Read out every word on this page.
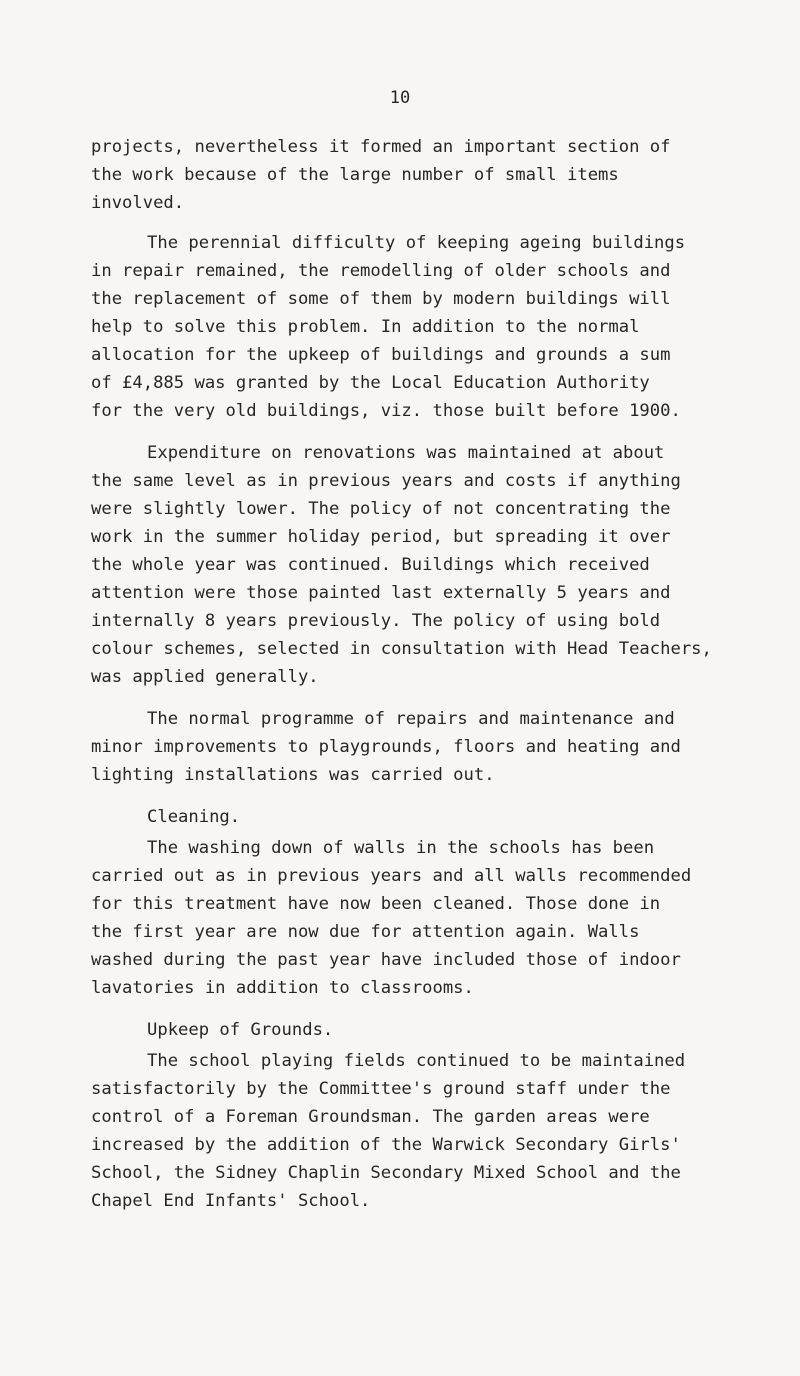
10
projects, nevertheless it formed an important section of
the work because of the large number of small items
involved.
The perennial difficulty of keeping ageing buildings
in repair remained, the remodelling of older schools and
the replacement of some of them by modern buildings will
help to solve this problem. In addition to the normal
allocation for the upkeep of buildings and grounds a sum
of £4,885 was granted by the Local Education Authority
for the very old buildings, viz. those built before 1900.
Expenditure on renovations was maintained at about
the same level as in previous years and costs if anything
were slightly lower. The policy of not concentrating the
work in the summer holiday period, but spreading it over
the whole year was continued. Buildings which received
attention were those painted last externally 5 years and
internally 8 years previously. The policy of using bold
colour schemes, selected in consultation with Head Teachers,
was applied generally.
The normal programme of repairs and maintenance and
minor improvements to playgrounds, floors and heating and
lighting installations was carried out.
Cleaning.
The washing down of walls in the schools has been
carried out as in previous years and all walls recommended
for this treatment have now been cleaned. Those done in
the first year are now due for attention again. Walls
washed during the past year have included those of indoor
lavatories in addition to classrooms.
Upkeep of Grounds.
The school playing fields continued to be maintained
satisfactorily by the Committee's ground staff under the
control of a Foreman Groundsman. The garden areas were
increased by the addition of the Warwick Secondary Girls'
School, the Sidney Chaplin Secondary Mixed School and the
Chapel End Infants' School.
